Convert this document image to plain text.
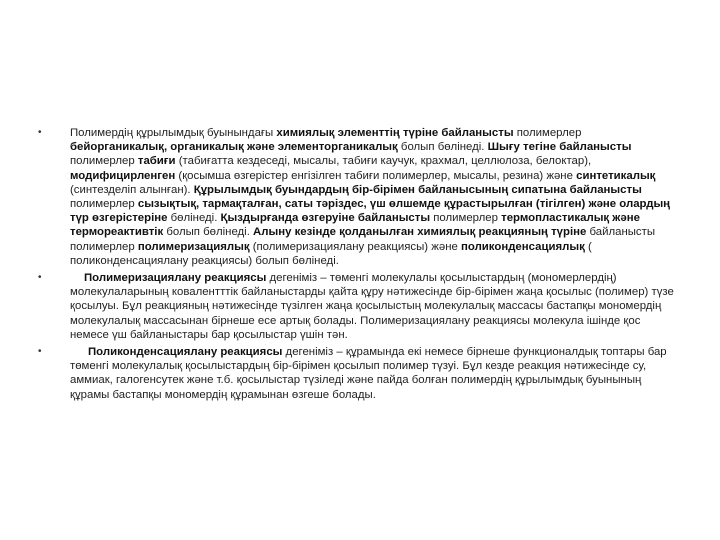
• Полимердің құрылымдық буынындағы химиялық элементтің түріне байланысты полимерлер бейорганикалық, органикалық және элементорганикалық болып бөлінеді. Шығу тегіне байланысты полимерлер табиғи (табиғатта кездеседі, мысалы, табиғи каучук, крахмал, целлюлоза, белоктар), модифицирленген (қосымша өзгерістер енгізілген табиғи полимерлер, мысалы, резина) және синтетикалық (синтезделіп алынған). Құрылымдық буындардың бір-бірімен байланысының сипатына байланысты полимерлер сызықтық, тармақталған, саты тәріздес, үш өлшемде құрастырылған (тігілген) және олардың түр өзгерістеріне бөлінеді. Қыздырғанда өзгеруіне байланысты полимерлер термопластикалық және термореактивтік болып бөлінеді. Алыну кезінде қолданылған химиялық реакцияның түріне байланысты полимерлер полимеризациялық (полимеризациялану реакциясы) және поликонденсациялық ( поликонденсациялану реакциясы) болып бөлінеді.
•	Полимеризациялану реакциясы дегеніміз – төменгі молекулалы қосылыстардың (мономерлердің) молекулаларының ковалентттік байланыстарды қайта құру нәтижесінде бір-бірімен жаңа қосылыс (полимер) түзе қосылуы. Бұл реакцияның нәтижесінде түзілген жаңа қосылыстың молекулалық массасы бастапқы мономердің молекулалық массасынан бірнеше есе артық болады. Полимеризациялану реакциясы молекула ішінде қос немесе үш байланыстары бар қосылыстар үшін тән.
•	Поликонденсациялану реакциясы дегеніміз – құрамында екі немесе бірнеше функционалдық топтары бар төменгі молекулалық қосылыстардың бір-бірімен қосылып полимер түзуі. Бұл кезде реакция нәтижесінде су, аммиак, галогенсутек және т.б. қосылыстар түзіледі және пайда болған полимердің құрылымдық буынының құрамы бастапқы мономердің құрамынан өзгеше болады.
